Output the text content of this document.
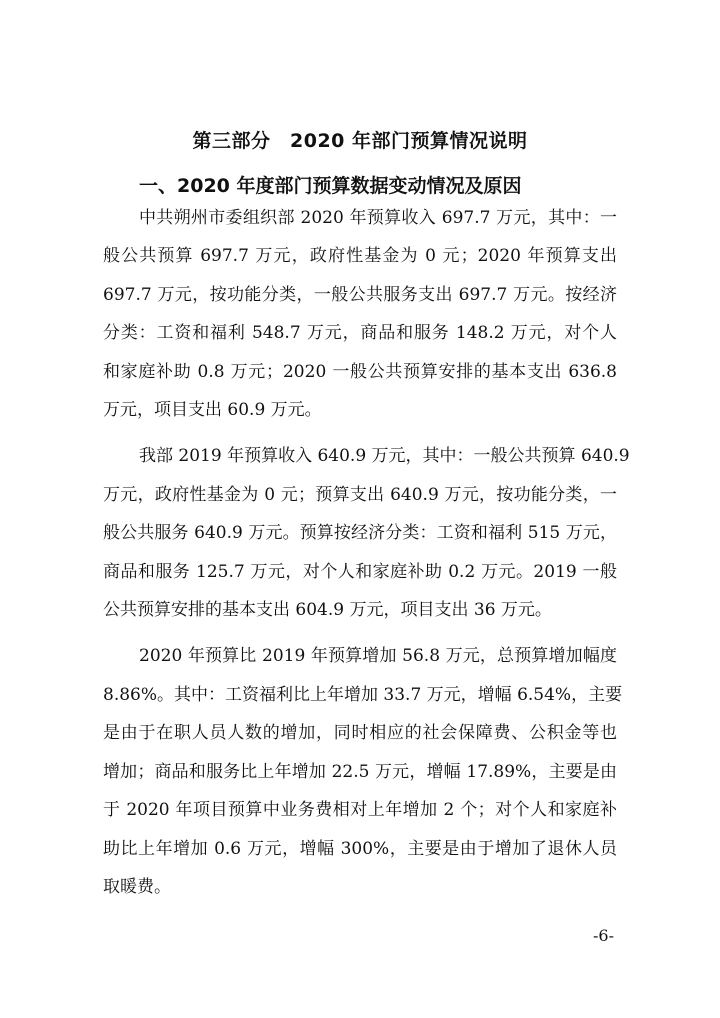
第三部分　2020 年部门预算情况说明
一、2020 年度部门预算数据变动情况及原因
中共朔州市委组织部 2020 年预算收入 697.7 万元，其中：一
般公共预算 697.7 万元，政府性基金为 0 元；2020 年预算支出
697.7 万元，按功能分类，一般公共服务支出 697.7 万元。按经济
分类：工资和福利 548.7 万元，商品和服务 148.2 万元，对个人
和家庭补助 0.8 万元；2020 一般公共预算安排的基本支出 636.8
万元，项目支出 60.9 万元。
我部 2019 年预算收入 640.9 万元，其中：一般公共预算 640.9
万元，政府性基金为 0 元；预算支出 640.9 万元，按功能分类，一
般公共服务 640.9 万元。预算按经济分类：工资和福利 515 万元，
商品和服务 125.7 万元，对个人和家庭补助 0.2 万元。2019 一般
公共预算安排的基本支出 604.9 万元，项目支出 36 万元。
2020 年预算比 2019 年预算增加 56.8 万元，总预算增加幅度
8.86%。其中：工资福利比上年增加 33.7 万元，增幅 6.54%，主要
是由于在职人员人数的增加，同时相应的社会保障费、公积金等也
增加；商品和服务比上年增加 22.5 万元，增幅 17.89%，主要是由
于 2020 年项目预算中业务费相对上年增加 2 个；对个人和家庭补
助比上年增加 0.6 万元，增幅 300%，主要是由于增加了退休人员
取暖费。
-6-
